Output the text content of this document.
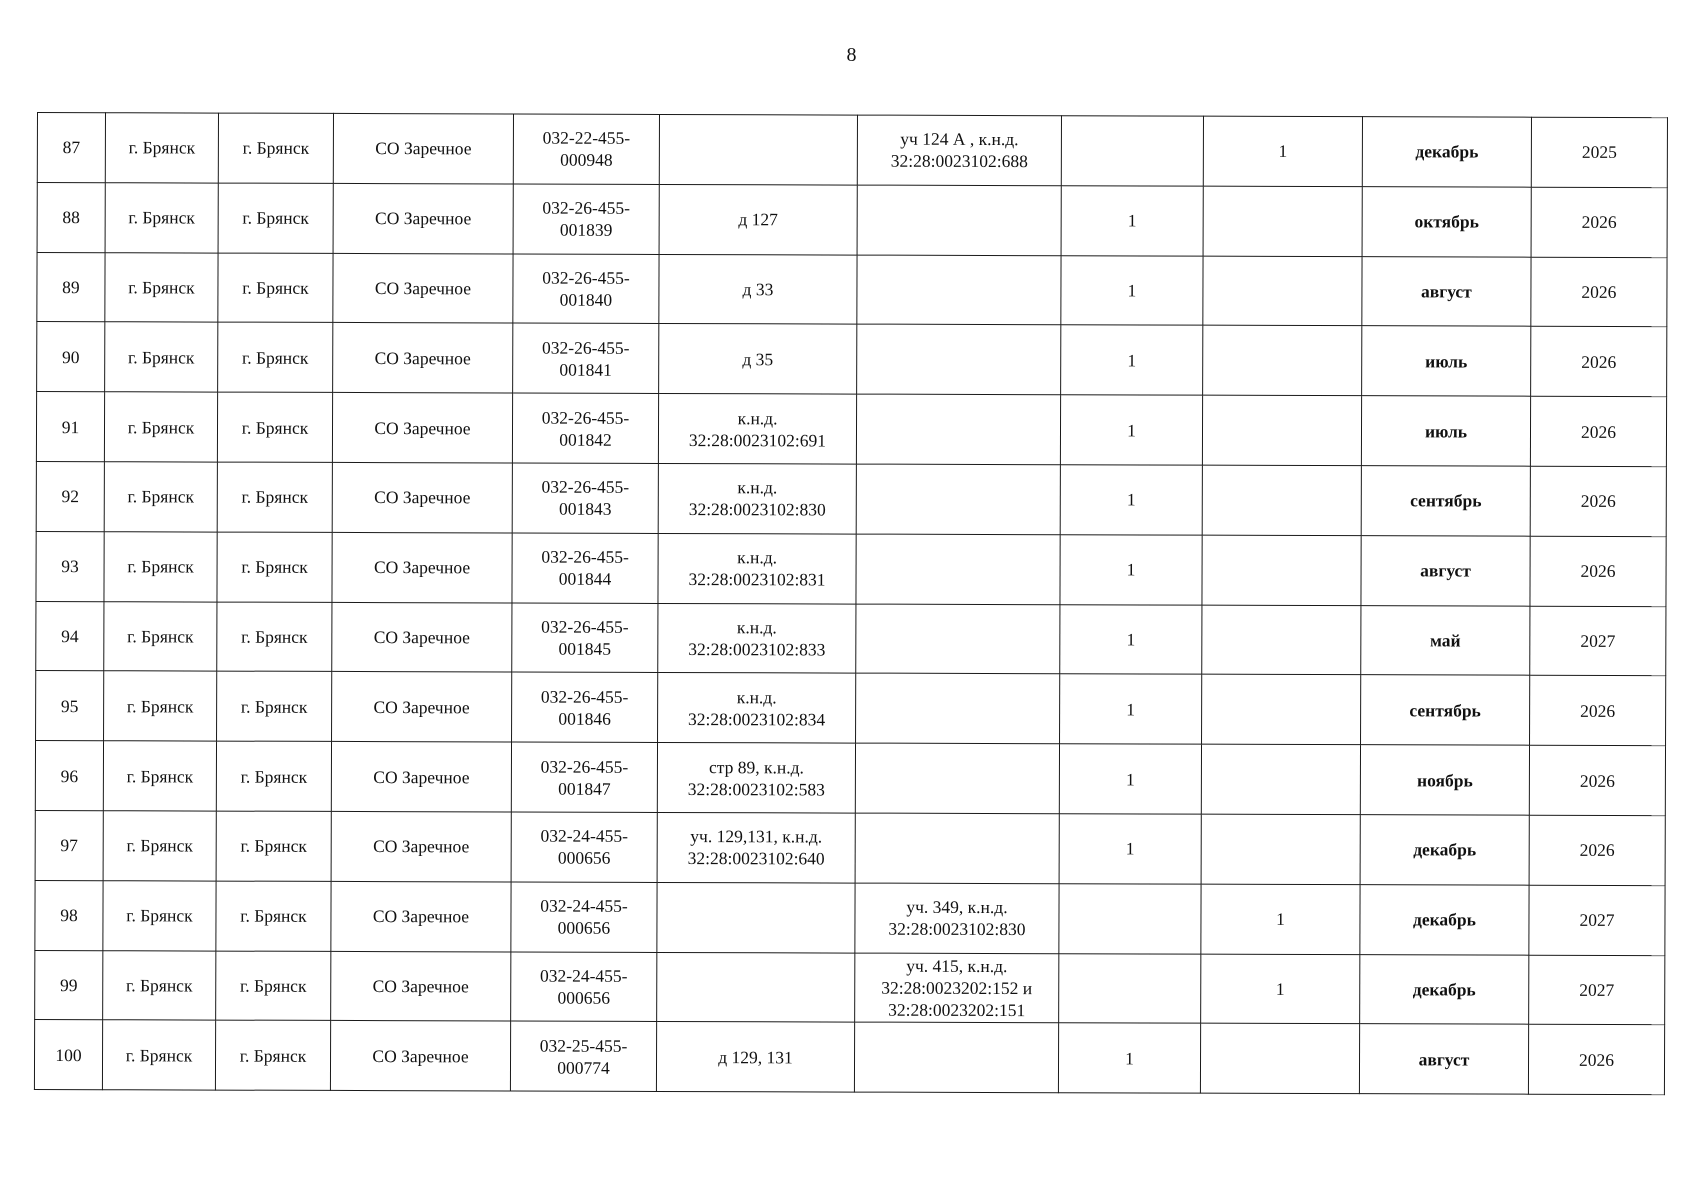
8
87	г. Брянск	г. Брянск	СО Заречное	032-22-455-
000948		уч 124 А , к.н.д.
32:28:0023102:688		1	декабрь	2025
88	г. Брянск	г. Брянск	СО Заречное	032-26-455-
001839	д 127		1		октябрь	2026
89	г. Брянск	г. Брянск	СО Заречное	032-26-455-
001840	д 33		1		август	2026
90	г. Брянск	г. Брянск	СО Заречное	032-26-455-
001841	д 35		1		июль	2026
91	г. Брянск	г. Брянск	СО Заречное	032-26-455-
001842	к.н.д.
32:28:0023102:691		1		июль	2026
92	г. Брянск	г. Брянск	СО Заречное	032-26-455-
001843	к.н.д.
32:28:0023102:830		1		сентябрь	2026
93	г. Брянск	г. Брянск	СО Заречное	032-26-455-
001844	к.н.д.
32:28:0023102:831		1		август	2026
94	г. Брянск	г. Брянск	СО Заречное	032-26-455-
001845	к.н.д.
32:28:0023102:833		1		май	2027
95	г. Брянск	г. Брянск	СО Заречное	032-26-455-
001846	к.н.д.
32:28:0023102:834		1		сентябрь	2026
96	г. Брянск	г. Брянск	СО Заречное	032-26-455-
001847	стр 89, к.н.д.
32:28:0023102:583		1		ноябрь	2026
97	г. Брянск	г. Брянск	СО Заречное	032-24-455-
000656	уч. 129,131, к.н.д.
32:28:0023102:640		1		декабрь	2026
98	г. Брянск	г. Брянск	СО Заречное	032-24-455-
000656		уч. 349, к.н.д.
32:28:0023102:830		1	декабрь	2027
99	г. Брянск	г. Брянск	СО Заречное	032-24-455-
000656		уч. 415, к.н.д.
32:28:0023202:152 и
32:28:0023202:151		1	декабрь	2027
100	г. Брянск	г. Брянск	СО Заречное	032-25-455-
000774	д 129, 131		1		август	2026
